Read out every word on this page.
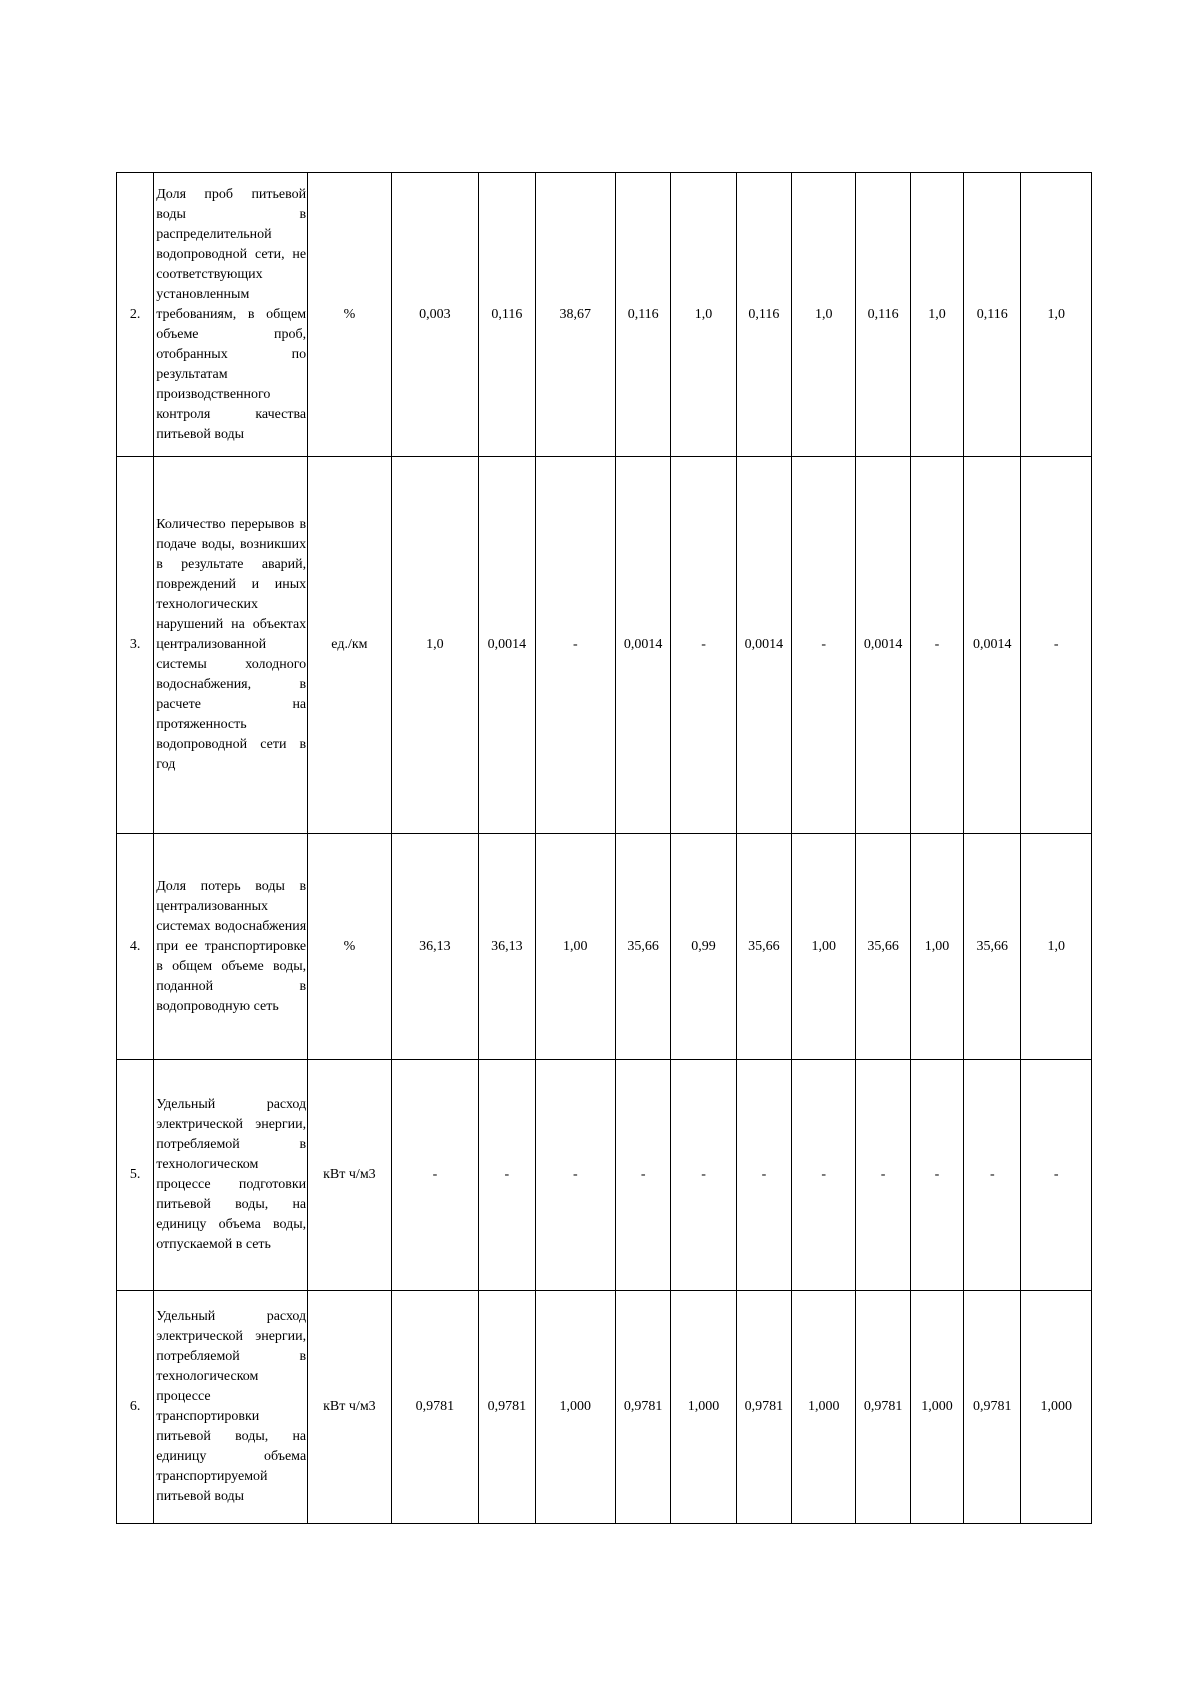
2.	Доля проб питьевой воды в распределительной водопроводной сети, не соответствующих установленным требованиям, в общем объеме проб, отобранных по результатам производственного контроля качества питьевой воды	%	0,003	0,116	38,67	0,116	1,0	0,116	1,0	0,116	1,0	0,116	1,0
3.	Количество перерывов в подаче воды, возникших в результате аварий, повреждений и иных технологических нарушений на объектах централизованной системы холодного водоснабжения, в расчете на протяженность водопроводной сети в год	ед./км	1,0	0,0014	-	0,0014	-	0,0014	-	0,0014	-	0,0014	-
4.	Доля потерь воды в централизованных системах водоснабжения при ее транспортировке в общем объеме воды, поданной в водопроводную сеть	%	36,13	36,13	1,00	35,66	0,99	35,66	1,00	35,66	1,00	35,66	1,0
5.	Удельный расход электрической энергии, потребляемой в технологическом процессе подготовки питьевой воды, на единицу объема воды, отпускаемой в сеть	кВт ч/м3	-	-	-	-	-	-	-	-	-	-	-
6.	Удельный расход электрической энергии, потребляемой в технологическом процессе транспортировки питьевой воды, на единицу объема транспортируемой питьевой воды	кВт ч/м3	0,9781	0,9781	1,000	0,9781	1,000	0,9781	1,000	0,9781	1,000	0,9781	1,000
